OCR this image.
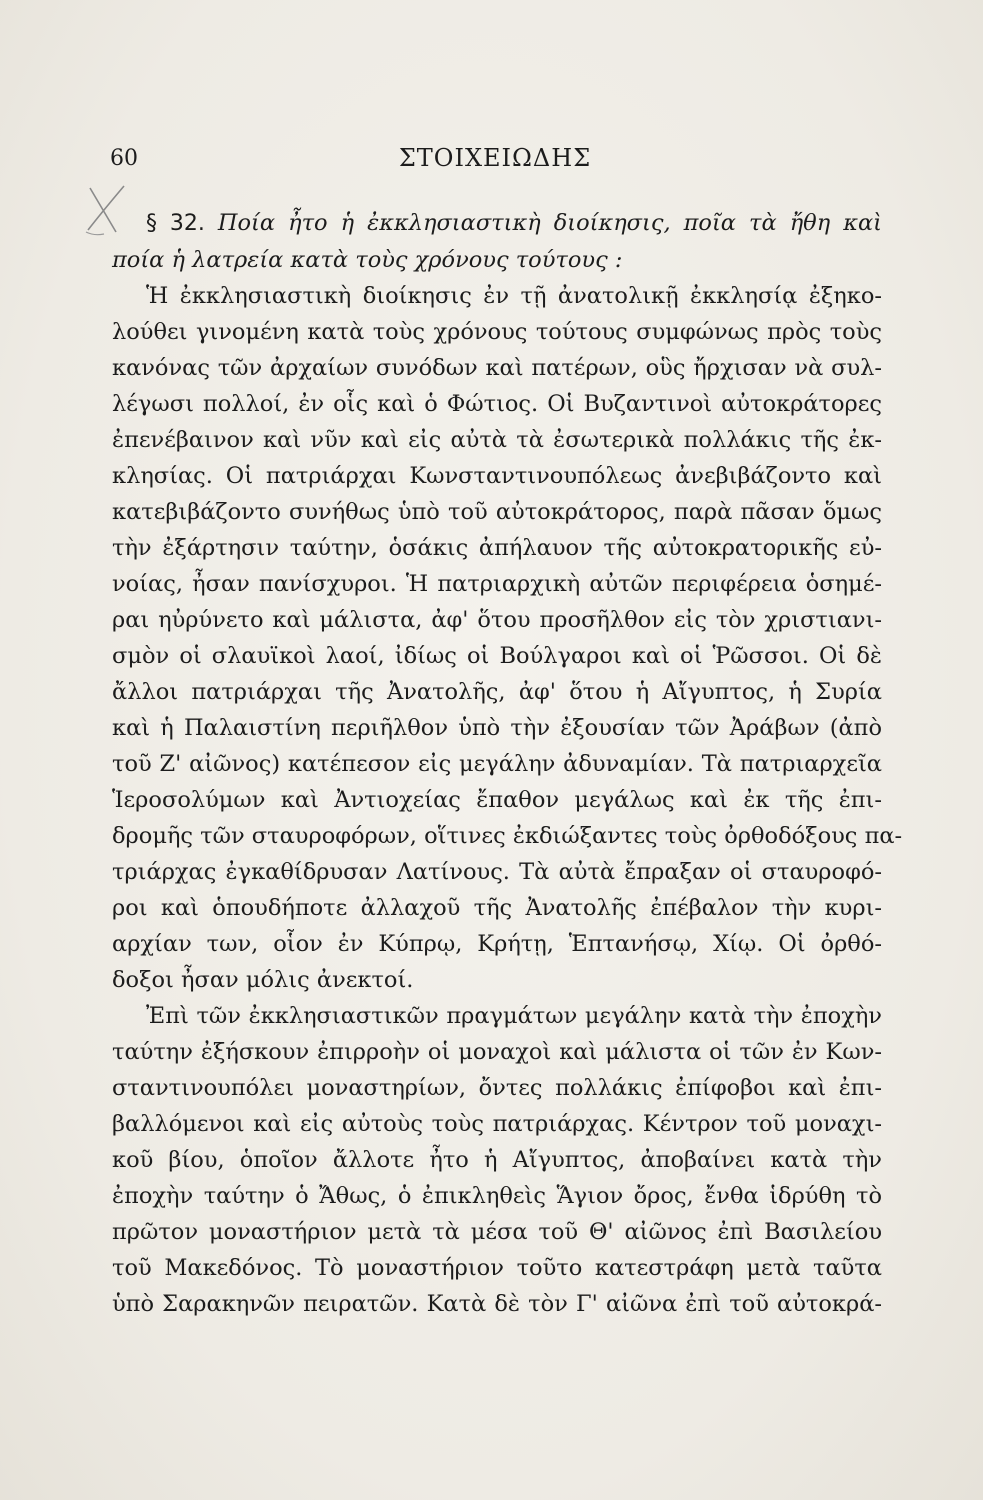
60	ΣΤΟΙΧΕΙΩΔΗΣ
§ 32. Ποία ἦτο ἡ ἐκκλησιαστικὴ διοίκησις, ποῖα τὰ ἤθη καὶ
ποία ἡ λατρεία κατὰ τοὺς χρόνους τούτους :
Ἡ ἐκκλησιαστικὴ διοίκησις ἐν τῇ ἀνατολικῇ ἐκκλησίᾳ ἐξηκο-
λούθει γινομένη κατὰ τοὺς χρόνους τούτους συμφώνως πρὸς τοὺς
κανόνας τῶν ἀρχαίων συνόδων καὶ πατέρων, οὓς ἤρχισαν νὰ συλ-
λέγωσι πολλοί, ἐν οἷς καὶ ὁ Φώτιος. Οἱ Βυζαντινοὶ αὐτοκράτορες
ἐπενέβαινον καὶ νῦν καὶ εἰς αὐτὰ τὰ ἐσωτερικὰ πολλάκις τῆς ἐκ-
κλησίας. Οἱ πατριάρχαι Κωνσταντινουπόλεως ἀνεβιβάζοντο καὶ
κατεβιβάζοντο συνήθως ὑπὸ τοῦ αὐτοκράτορος, παρὰ πᾶσαν ὅμως
τὴν ἐξάρτησιν ταύτην, ὁσάκις ἀπήλαυον τῆς αὐτοκρατορικῆς εὐ-
νοίας, ἦσαν πανίσχυροι. Ἡ πατριαρχικὴ αὐτῶν περιφέρεια ὁσημέ-
ραι ηὐρύνετο καὶ μάλιστα, ἀφ' ὅτου προσῆλθον εἰς τὸν χριστιανι-
σμὸν οἱ σλαυϊκοὶ λαοί, ἰδίως οἱ Βούλγαροι καὶ οἱ Ῥῶσσοι. Οἱ δὲ
ἄλλοι πατριάρχαι τῆς Ἀνατολῆς, ἀφ' ὅτου ἡ Αἴγυπτος, ἡ Συρία
καὶ ἡ Παλαιστίνη περιῆλθον ὑπὸ τὴν ἐξουσίαν τῶν Ἀράβων (ἀπὸ
τοῦ Ζ' αἰῶνος) κατέπεσον εἰς μεγάλην ἀδυναμίαν. Τὰ πατριαρχεῖα
Ἱεροσολύμων καὶ Ἀντιοχείας ἔπαθον μεγάλως καὶ ἐκ τῆς ἐπι-
δρομῆς τῶν σταυροφόρων, οἵτινες ἐκδιώξαντες τοὺς ὀρθοδόξους πα-
τριάρχας ἐγκαθίδρυσαν Λατίνους. Τὰ αὐτὰ ἔπραξαν οἱ σταυροφό-
ροι καὶ ὁπουδήποτε ἀλλαχοῦ τῆς Ἀνατολῆς ἐπέβαλον τὴν κυρι-
αρχίαν των, οἷον ἐν Κύπρῳ, Κρήτῃ, Ἑπτανήσῳ, Χίῳ. Οἱ ὀρθό-
δοξοι ἦσαν μόλις ἀνεκτοί.
Ἐπὶ τῶν ἐκκλησιαστικῶν πραγμάτων μεγάλην κατὰ τὴν ἐποχὴν
ταύτην ἐξήσκουν ἐπιρροὴν οἱ μοναχοὶ καὶ μάλιστα οἱ τῶν ἐν Κων-
σταντινουπόλει μοναστηρίων, ὄντες πολλάκις ἐπίφοβοι καὶ ἐπι-
βαλλόμενοι καὶ εἰς αὐτοὺς τοὺς πατριάρχας. Κέντρον τοῦ μοναχι-
κοῦ βίου, ὁποῖον ἄλλοτε ἦτο ἡ Αἴγυπτος, ἀποβαίνει κατὰ τὴν
ἐποχὴν ταύτην ὁ Ἄθως, ὁ ἐπικληθεὶς Ἅγιον ὄρος, ἔνθα ἱδρύθη τὸ
πρῶτον μοναστήριον μετὰ τὰ μέσα τοῦ Θ' αἰῶνος ἐπὶ Βασιλείου
τοῦ Μακεδόνος. Τὸ μοναστήριον τοῦτο κατεστράφη μετὰ ταῦτα
ὑπὸ Σαρακηνῶν πειρατῶν. Κατὰ δὲ τὸν Γ' αἰῶνα ἐπὶ τοῦ αὐτοκρά-
